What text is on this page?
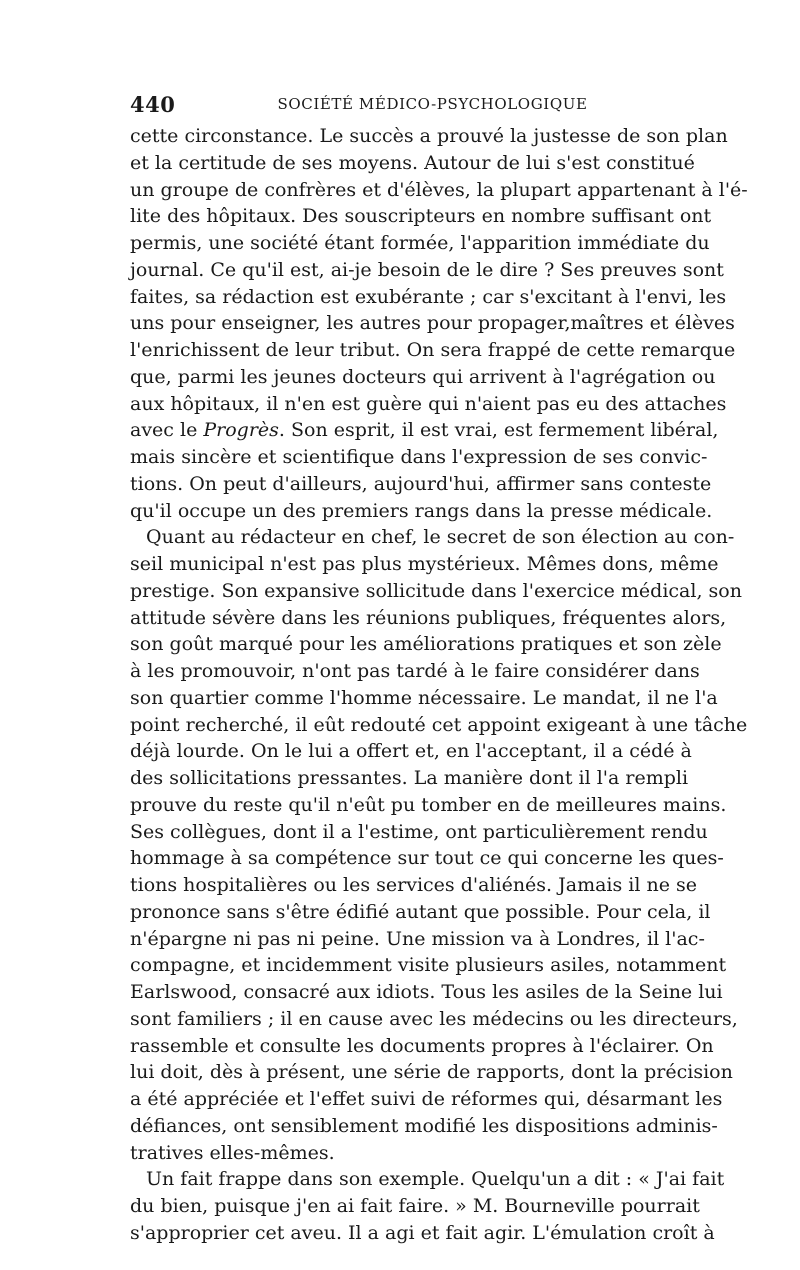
440	SOCIÉTÉ MÉDICO-PSYCHOLOGIQUE
cette circonstance. Le succès a prouvé la justesse de son plan
et la certitude de ses moyens. Autour de lui s'est constitué
un groupe de confrères et d'élèves, la plupart appartenant à l'é-
lite des hôpitaux. Des souscripteurs en nombre suffisant ont
permis, une société étant formée, l'apparition immédiate du
journal. Ce qu'il est, ai-je besoin de le dire ? Ses preuves sont
faites, sa rédaction est exubérante ; car s'excitant à l'envi, les
uns pour enseigner, les autres pour propager,maîtres et élèves
l'enrichissent de leur tribut. On sera frappé de cette remarque
que, parmi les jeunes docteurs qui arrivent à l'agrégation ou
aux hôpitaux, il n'en est guère qui n'aient pas eu des attaches
avec le Progrès. Son esprit, il est vrai, est fermement libéral,
mais sincère et scientifique dans l'expression de ses convic-
tions. On peut d'ailleurs, aujourd'hui, affirmer sans conteste
qu'il occupe un des premiers rangs dans la presse médicale.
Quant au rédacteur en chef, le secret de son élection au con-
seil municipal n'est pas plus mystérieux. Mêmes dons, même
prestige. Son expansive sollicitude dans l'exercice médical, son
attitude sévère dans les réunions publiques, fréquentes alors,
son goût marqué pour les améliorations pratiques et son zèle
à les promouvoir, n'ont pas tardé à le faire considérer dans
son quartier comme l'homme nécessaire. Le mandat, il ne l'a
point recherché, il eût redouté cet appoint exigeant à une tâche
déjà lourde. On le lui a offert et, en l'acceptant, il a cédé à
des sollicitations pressantes. La manière dont il l'a rempli
prouve du reste qu'il n'eût pu tomber en de meilleures mains.
Ses collègues, dont il a l'estime, ont particulièrement rendu
hommage à sa compétence sur tout ce qui concerne les ques-
tions hospitalières ou les services d'aliénés. Jamais il ne se
prononce sans s'être édifié autant que possible. Pour cela, il
n'épargne ni pas ni peine. Une mission va à Londres, il l'ac-
compagne, et incidemment visite plusieurs asiles, notamment
Earlswood, consacré aux idiots. Tous les asiles de la Seine lui
sont familiers ; il en cause avec les médecins ou les directeurs,
rassemble et consulte les documents propres à l'éclairer. On
lui doit, dès à présent, une série de rapports, dont la précision
a été appréciée et l'effet suivi de réformes qui, désarmant les
défiances, ont sensiblement modifié les dispositions adminis-
tratives elles-mêmes.
Un fait frappe dans son exemple. Quelqu'un a dit : « J'ai fait
du bien, puisque j'en ai fait faire. » M. Bourneville pourrait
s'approprier cet aveu. Il a agi et fait agir. L'émulation croît à
